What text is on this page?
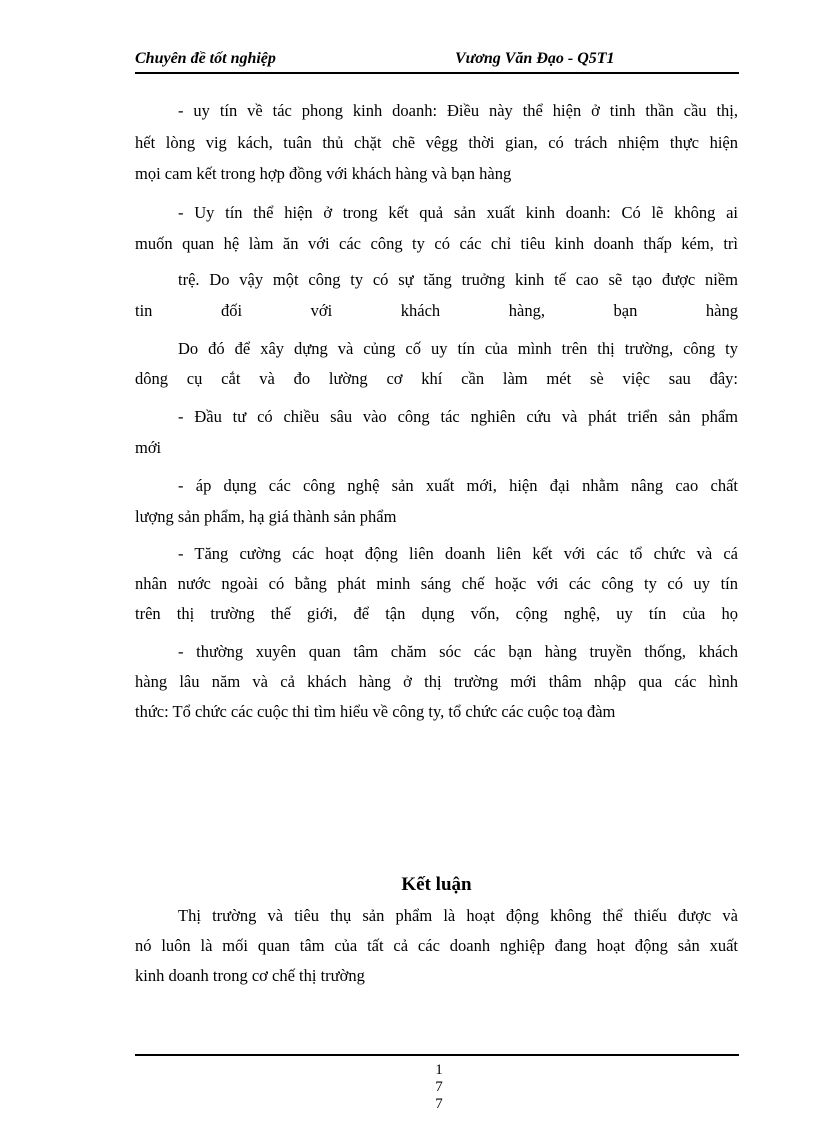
Chuyên đề tốt nghiệp	Vương Văn Đạo - Q5T1
- uy tín về tác phong kinh doanh: Điều này thể hiện ở tinh thần cầu thị,
hết lòng vig kách, tuân thủ chặt chẽ vêgg thời gian, có trách nhiệm thực hiện
mọi cam kết trong hợp đồng với khách hàng và bạn hàng
- Uy tín thể hiện ở trong kết quả sản xuất kinh doanh: Có lẽ không ai
muốn quan hệ làm ăn với các công ty có các chỉ tiêu kinh doanh thấp kém, trì
trệ. Do vậy một công ty có sự tăng truởng kinh tế cao sẽ tạo được niềm
tin đối với khách hàng, bạn hàng
Do đó để xây dựng và củng cố uy tín của mình trên thị trường, công ty
dông cụ cắt và đo lường cơ khí cần làm mét sè việc sau đây:
- Đầu tư có chiều sâu vào công tác nghiên cứu và phát triển sản phẩm
mới
- áp dụng các công nghệ sản xuất mới, hiện đại nhằm nâng cao chất
lượng sản phẩm, hạ giá thành sản phẩm
- Tăng cường các hoạt động liên doanh liên kết với các tổ chức và cá
nhân nước ngoài có bằng phát minh sáng chế hoặc với các công ty có uy tín
trên thị trường thế giới, để tận dụng vốn, cộng nghệ, uy tín của họ
- thường xuyên quan tâm chăm sóc các bạn hàng truyền thống, khách
hàng lâu năm và cả khách hàng ở thị trường mới thâm nhập qua các hình
thức: Tổ chức các cuộc thi tìm hiểu về công ty, tổ chức các cuộc toạ đàm
Kết luận
Thị trường và tiêu thụ sản phẩm là hoạt động không thể thiếu được và
nó luôn là mối quan tâm của tất cả các doanh nghiệp đang hoạt động sản xuất
kinh doanh trong cơ chế thị trường
1
7
7
